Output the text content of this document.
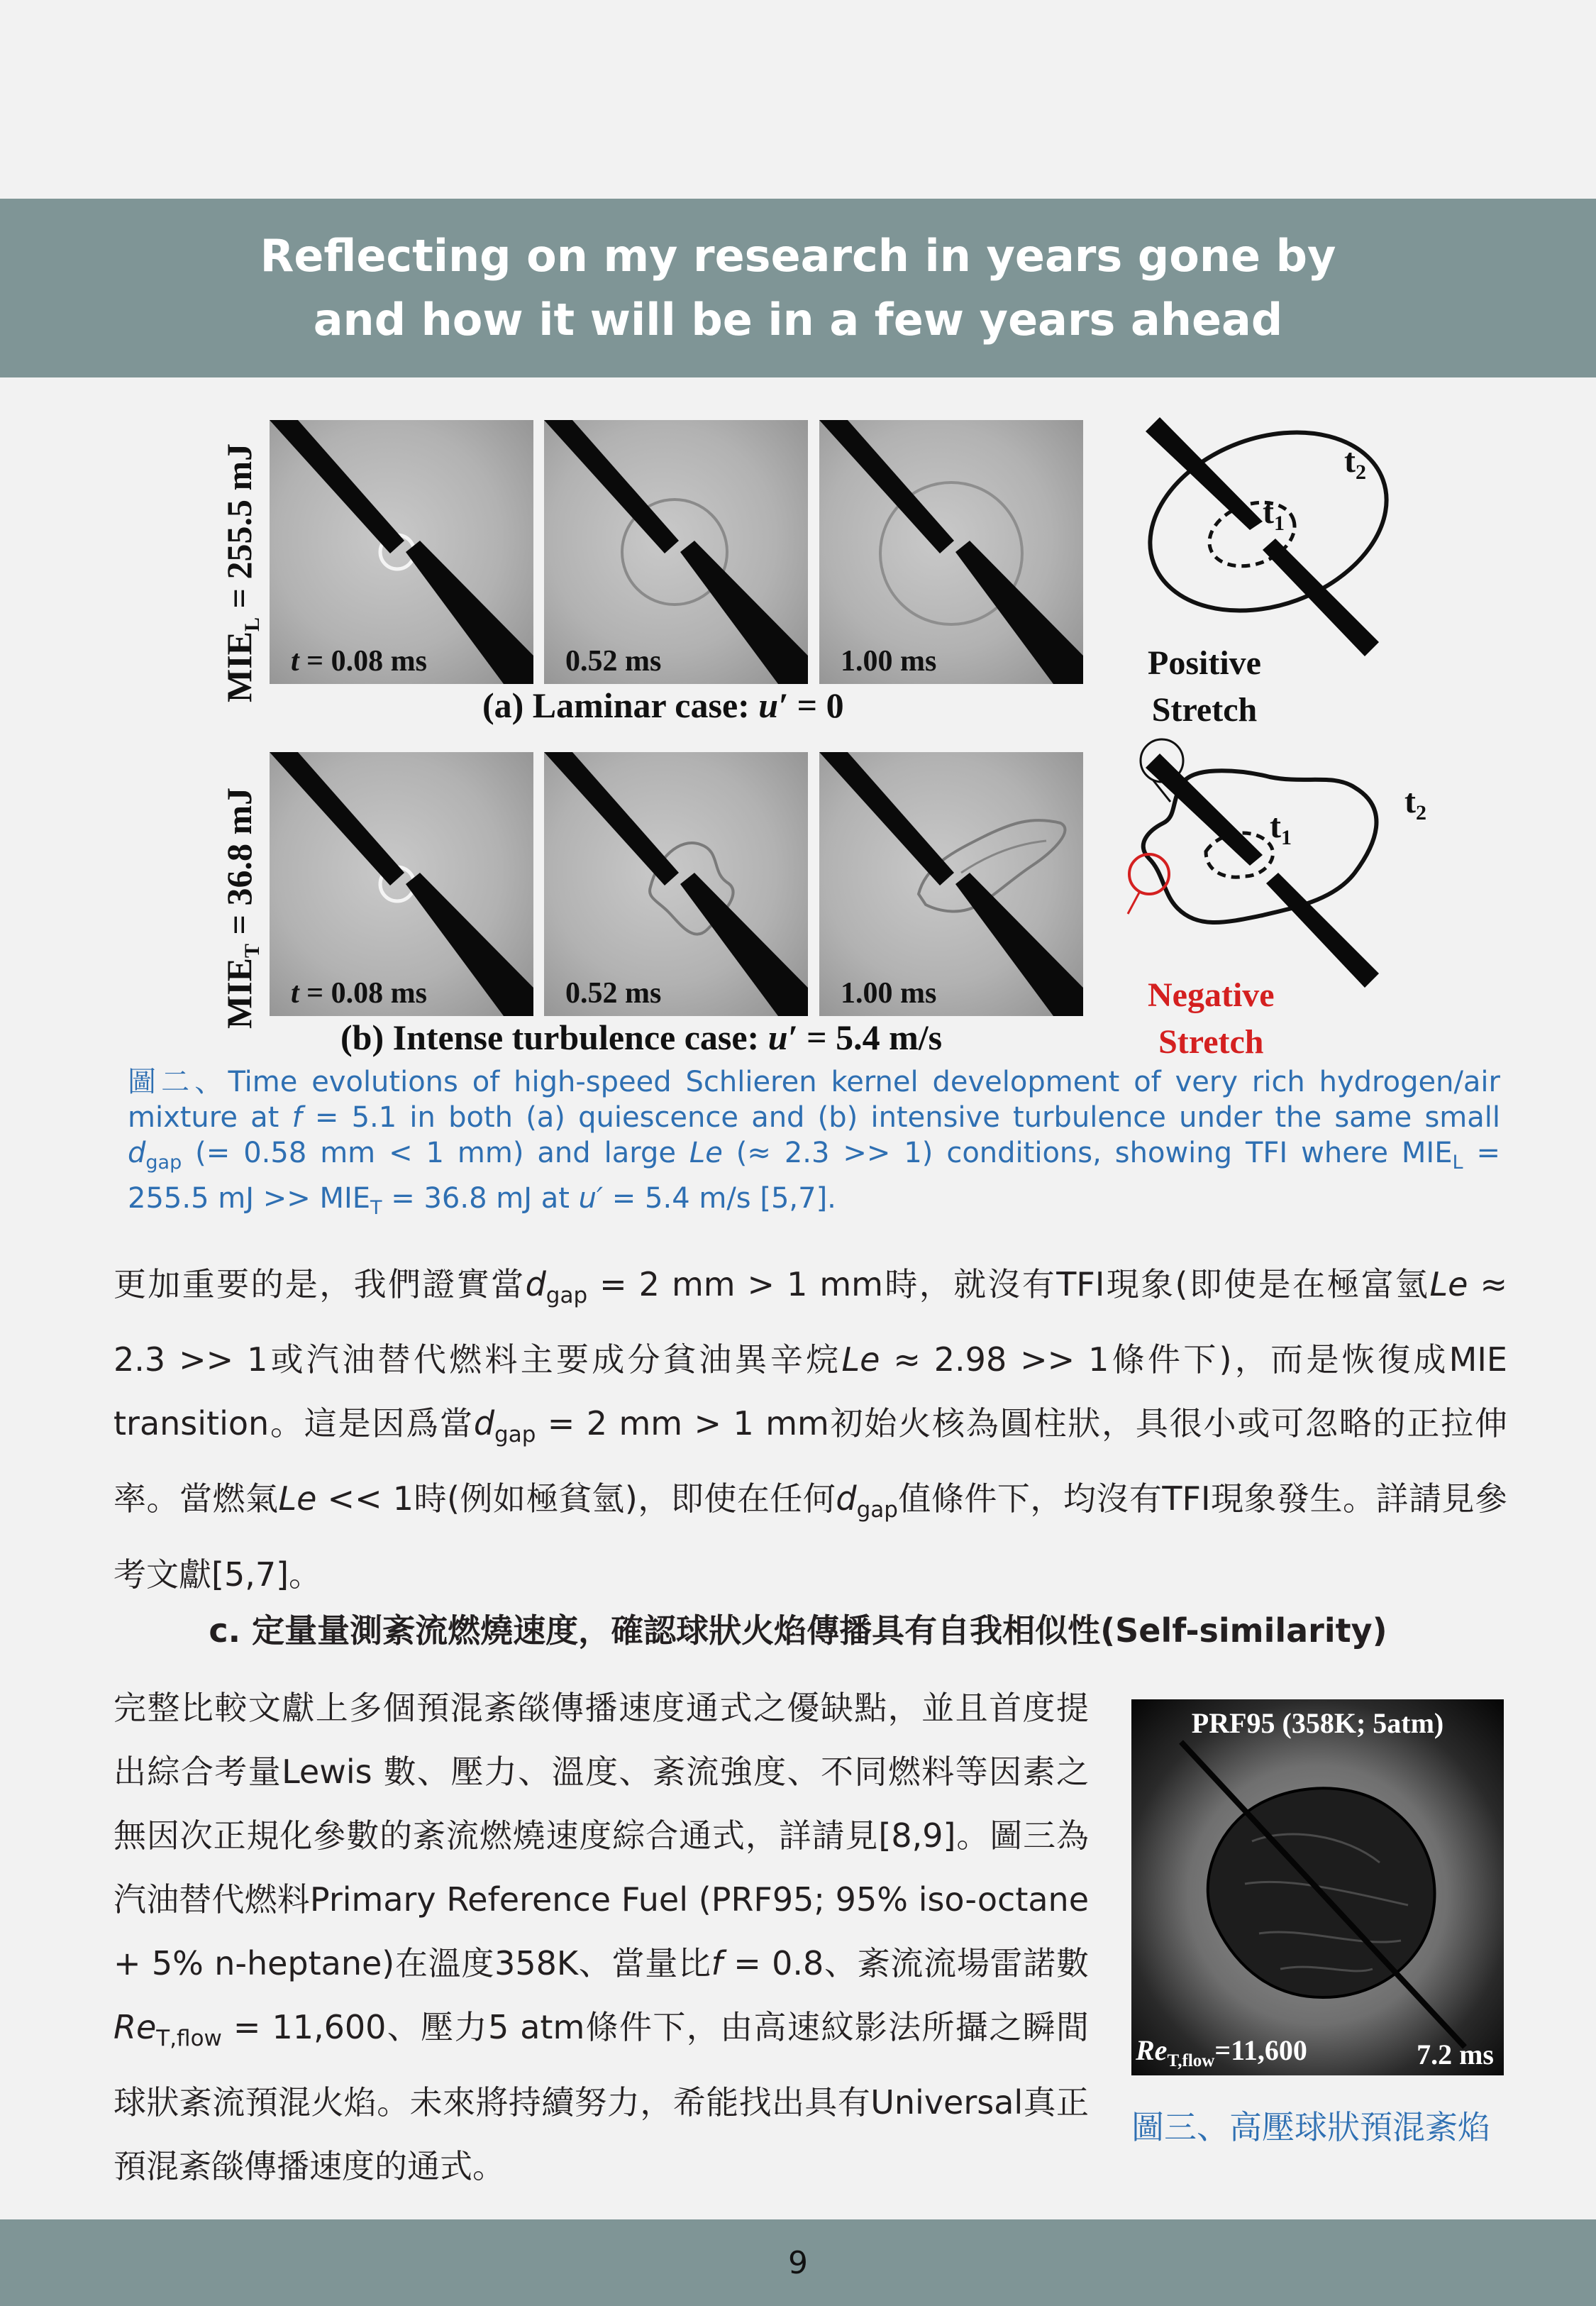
Reflecting on my research in years gone by
and how it will be in a few years ahead
$MIE_L = 255.5$ mJ
t = 0.08 ms	0.52 ms	1.00 ms
(a) Laminar case: u′ = 0
$t_2$
$t_1$
Positive
Stretch
$MIE_T = 36.8$ mJ
t = 0.08 ms	0.52 ms	1.00 ms
(b) Intense turbulence case: u′ = 5.4 m/s
$t_1$
$t_2$
Negative
Stretch
圖二、Time evolutions of high-speed Schlieren kernel development of very rich hydrogen/air mixture at f = 5.1 in both (a) quiescence and (b) intensive turbulence under the same small $d_{gap}$ (= 0.58 mm < 1 mm) and large Le (≈ 2.3 >> 1) conditions, showing TFI where $MIE_L = 255.5$ mJ >> $MIE_T = 36.8$ mJ at u′ = 5.4 m/s [5,7].
更加重要的是，我們證實當$d_{gap} = 2$ mm > 1 mm時，就沒有TFI現象(即使是在極富氫Le ≈ 2.3 >> 1或汽油替代燃料主要成分貧油異辛烷Le ≈ 2.98 >> 1條件下)，而是恢復成MIE transition。這是因爲當$d_{gap} = 2$ mm > 1 mm初始火核為圓柱狀，具很小或可忽略的正拉伸率。當燃氣Le << 1時(例如極貧氫)，即使在任何$d_{gap}$值條件下，均沒有TFI現象發生。詳請見參考文獻[5,7]。
c. 定量量測紊流燃燒速度，確認球狀火焰傳播具有自我相似性(Self-similarity)
完整比較文獻上多個預混紊燄傳播速度通式之優缺點，並且首度提出綜合考量Lewis 數、壓力、溫度、紊流強度、不同燃料等因素之無因次正規化參數的紊流燃燒速度綜合通式，詳請見[8,9]。圖三為汽油替代燃料Primary Reference Fuel (PRF95; 95% iso-octane + 5% n-heptane)在溫度358K、當量比f = 0.8、紊流流場雷諾數$Re_{T,flow} = 11,600$、壓力5 atm條件下，由高速紋影法所攝之瞬間球狀紊流預混火焰。未來將持續努力，希能找出具有Universal真正預混紊燄傳播速度的通式。
PRF95 (358K; 5atm)
$Re_{T,flow}=11,600$	7.2 ms
圖三、高壓球狀預混紊焰
9
